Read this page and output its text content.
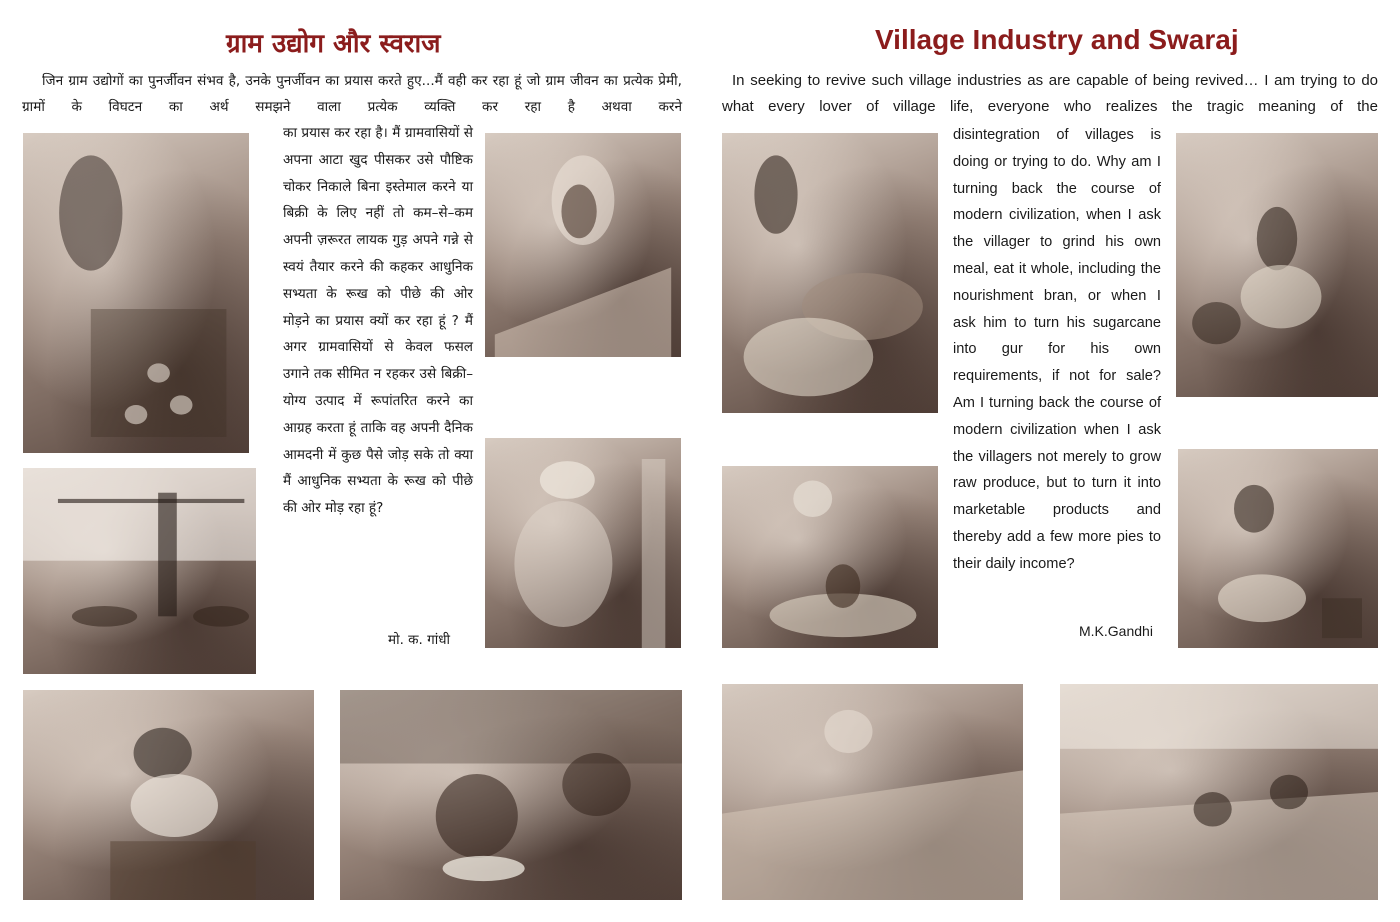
ग्राम उद्योग और स्वराज	Village Industry and Swaraj

जिन ग्राम उद्योगों का पुनर्जीवन संभव है, उनके पुनर्जीवन का प्रयास करते हुए...मैं वही कर रहा हूं जो ग्राम जीवन का प्रत्येक प्रेमी, ग्रामों के विघटन का अर्थ समझने वाला प्रत्येक व्यक्ति कर रहा है अथवा करने

In seeking to revive such village industries as are capable of being revived… I am trying to do what every lover of village life, everyone who realizes the tragic meaning of the

का प्रयास कर रहा है। मैं ग्रामवासियों से अपना आटा खुद पीसकर उसे पौष्टिक चोकर निकाले बिना इस्तेमाल करने या बिक्री के लिए नहीं तो कम–से–कम अपनी ज़रूरत लायक गुड़ अपने गन्ने से स्वयं तैयार करने की कहकर आधुनिक सभ्यता के रूख को पीछे की ओर मोड़ने का प्रयास क्यों कर रहा हूं ? मैं अगर ग्रामवासियों से केवल फसल उगाने तक सीमित न रहकर उसे बिक्री–योग्य उत्पाद में रूपांतरित करने का आग्रह करता हूं ताकि वह अपनी दैनिक आमदनी में कुछ पैसे जोड़ सके तो क्या मैं आधुनिक सभ्यता के रूख को पीछे की ओर मोड़ रहा हूं?

disintegration of villages is doing or trying to do. Why am I turning back the course of modern civilization, when I ask the villager to grind his own meal, eat it whole, including the nourishment bran, or when I ask him to turn his sugarcane into gur for his own requirements, if not for sale? Am I turning back the course of modern civilization when I ask the villagers not merely to grow raw produce, but to turn it into marketable products and thereby add a few more pies to their daily income?

मो. क. गांधी

M.K.Gandhi
